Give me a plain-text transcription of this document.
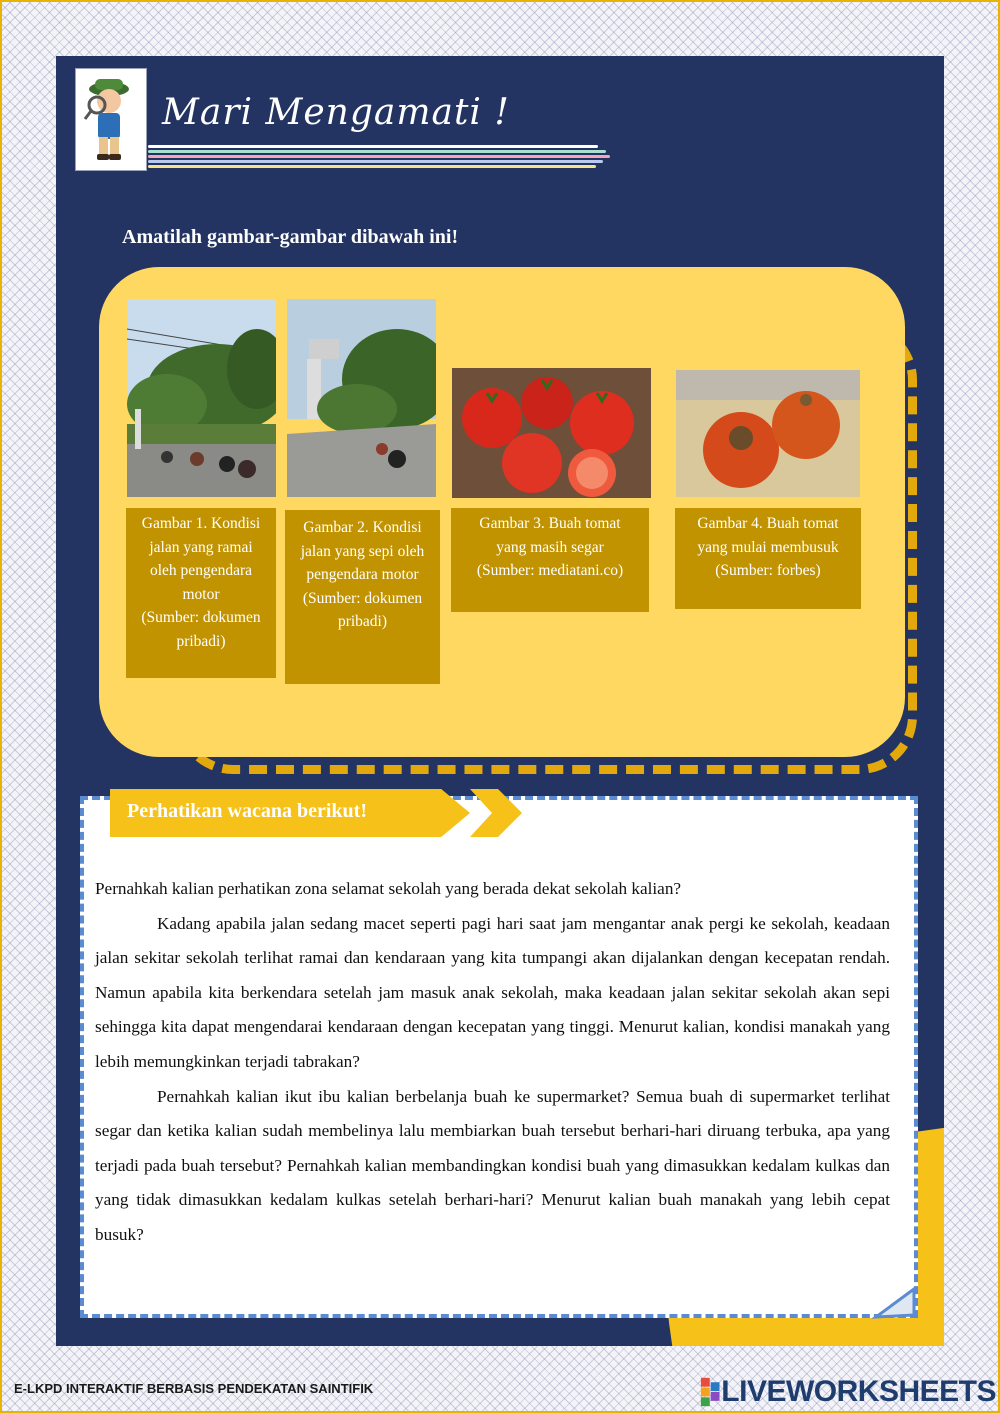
Mari Mengamati !
Amatilah gambar-gambar dibawah ini!
Gambar 1. Kondisi jalan yang ramai oleh pengendara motor
(Sumber: dokumen pribadi)
Gambar 2. Kondisi jalan yang sepi oleh pengendara motor
(Sumber: dokumen pribadi)
Gambar 3. Buah tomat yang masih segar
(Sumber: mediatani.co)
Gambar 4. Buah tomat yang mulai membusuk
(Sumber: forbes)
Perhatikan wacana berikut!

Pernahkah kalian perhatikan zona selamat sekolah yang berada dekat sekolah kalian?

Kadang apabila jalan sedang macet seperti pagi hari saat jam mengantar anak pergi ke sekolah, keadaan jalan sekitar sekolah terlihat ramai dan kendaraan yang kita tumpangi akan dijalankan dengan kecepatan rendah. Namun apabila kita berkendara setelah jam masuk anak sekolah, maka keadaan jalan sekitar sekolah akan sepi sehingga kita dapat mengendarai kendaraan dengan kecepatan yang tinggi. Menurut kalian, kondisi manakah yang lebih memungkinkan terjadi tabrakan?

Pernahkah kalian ikut ibu kalian berbelanja buah ke supermarket? Semua buah di supermarket terlihat segar dan ketika kalian sudah membelinya lalu membiarkan buah tersebut berhari-hari diruang terbuka, apa yang terjadi pada buah tersebut? Pernahkah kalian membandingkan kondisi buah yang dimasukkan kedalam kulkas dan yang tidak dimasukkan kedalam kulkas setelah berhari-hari? Menurut kalian buah manakah yang lebih cepat busuk?

E-LKPD INTERAKTIF BERBASIS PENDEKATAN SAINTIFIK	LIVEWORKSHEETS
